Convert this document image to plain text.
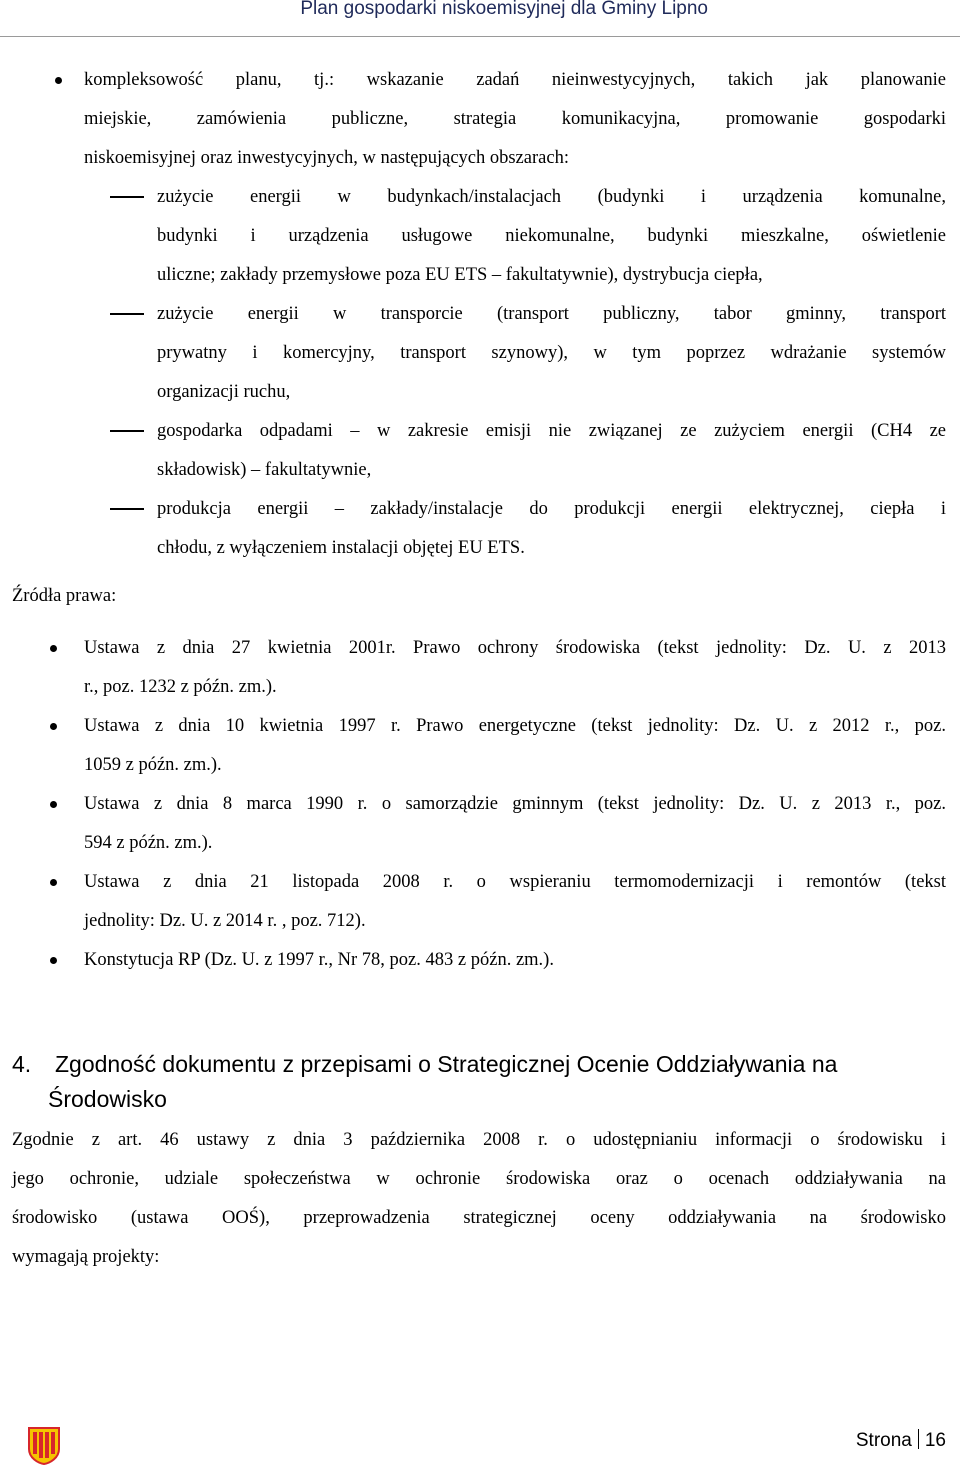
Plan gospodarki niskoemisyjnej dla Gminy Lipno
kompleksowość planu, tj.: wskazanie zadań nieinwestycyjnych, takich jak planowanie
miejskie, zamówienia publiczne, strategia komunikacyjna, promowanie gospodarki
niskoemisyjnej oraz inwestycyjnych, w następujących obszarach:
zużycie energii w budynkach/instalacjach (budynki i urządzenia komunalne,
budynki i urządzenia usługowe niekomunalne, budynki mieszkalne, oświetlenie
uliczne; zakłady przemysłowe poza EU ETS – fakultatywnie), dystrybucja ciepła,
zużycie energii w transporcie (transport publiczny, tabor gminny, transport
prywatny i komercyjny, transport szynowy), w tym poprzez wdrażanie systemów
organizacji ruchu,
gospodarka odpadami – w zakresie emisji nie związanej ze zużyciem energii (CH4 ze
składowisk) – fakultatywnie,
produkcja energii – zakłady/instalacje do produkcji energii elektrycznej, ciepła i
chłodu, z wyłączeniem instalacji objętej EU ETS.
Źródła prawa:
Ustawa z dnia 27 kwietnia 2001r. Prawo ochrony środowiska (tekst jednolity: Dz. U. z 2013
r., poz. 1232 z późn. zm.).
Ustawa z dnia 10 kwietnia 1997 r. Prawo energetyczne (tekst jednolity: Dz. U. z 2012 r., poz.
1059 z późn. zm.).
Ustawa z dnia 8 marca 1990 r. o samorządzie gminnym (tekst jednolity: Dz. U. z 2013 r., poz.
594 z późn. zm.).
Ustawa z dnia 21 listopada 2008 r. o wspieraniu termomodernizacji i remontów (tekst
jednolity: Dz. U. z 2014 r. , poz. 712).
Konstytucja RP (Dz. U. z 1997 r., Nr 78, poz. 483 z późn. zm.).
4. Zgodność dokumentu z przepisami o Strategicznej Ocenie Oddziaływania na
Środowisko
Zgodnie z art. 46 ustawy z dnia 3 października 2008 r. o udostępnianiu informacji o środowisku i
jego ochronie, udziale społeczeństwa w ochronie środowiska oraz o ocenach oddziaływania na
środowisko (ustawa OOŚ), przeprowadzenia strategicznej oceny oddziaływania na środowisko
wymagają projekty:
Strona 16
